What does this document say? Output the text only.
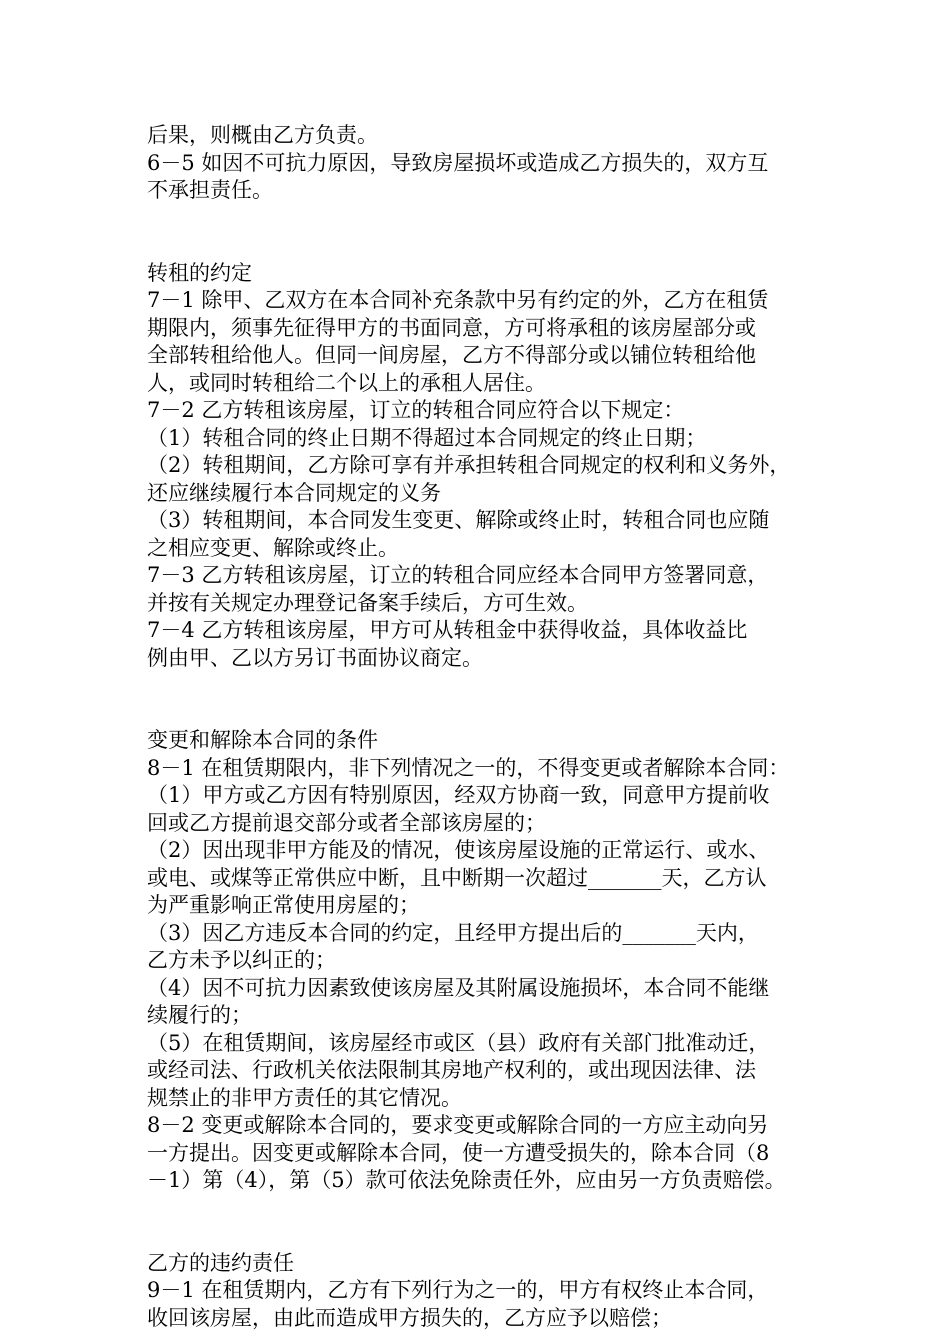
后果，则概由乙方负责。
6－5 如因不可抗力原因，导致房屋损坏或造成乙方损失的，双方互
不承担责任。
转租的约定
7－1 除甲、乙双方在本合同补充条款中另有约定的外，乙方在租赁
期限内，须事先征得甲方的书面同意，方可将承租的该房屋部分或
全部转租给他人。但同一间房屋，乙方不得部分或以铺位转租给他
人，或同时转租给二个以上的承租人居住。
7－2 乙方转租该房屋，订立的转租合同应符合以下规定：
（1）转租合同的终止日期不得超过本合同规定的终止日期；
（2）转租期间，乙方除可享有并承担转租合同规定的权利和义务外，
还应继续履行本合同规定的义务
（3）转租期间，本合同发生变更、解除或终止时，转租合同也应随
之相应变更、解除或终止。
7－3 乙方转租该房屋，订立的转租合同应经本合同甲方签署同意，
并按有关规定办理登记备案手续后，方可生效。
7－4 乙方转租该房屋，甲方可从转租金中获得收益，具体收益比
例由甲、乙以方另订书面协议商定。
变更和解除本合同的条件
8－1 在租赁期限内，非下列情况之一的，不得变更或者解除本合同：
（1）甲方或乙方因有特别原因，经双方协商一致，同意甲方提前收
回或乙方提前退交部分或者全部该房屋的；
（2）因出现非甲方能及的情况，使该房屋设施的正常运行、或水、
或电、或煤等正常供应中断，且中断期一次超过_______天，乙方认
为严重影响正常使用房屋的；
（3）因乙方违反本合同的约定，且经甲方提出后的_______天内，
乙方未予以纠正的；
（4）因不可抗力因素致使该房屋及其附属设施损坏，本合同不能继
续履行的；
（5）在租赁期间，该房屋经市或区（县）政府有关部门批准动迁，
或经司法、行政机关依法限制其房地产权利的，或出现因法律、法
规禁止的非甲方责任的其它情况。
8－2 变更或解除本合同的，要求变更或解除合同的一方应主动向另
一方提出。因变更或解除本合同，使一方遭受损失的，除本合同（8
－1）第（4），第（5）款可依法免除责任外，应由另一方负责赔偿。
乙方的违约责任
9－1 在租赁期内，乙方有下列行为之一的，甲方有权终止本合同，
收回该房屋，由此而造成甲方损失的，乙方应予以赔偿；
